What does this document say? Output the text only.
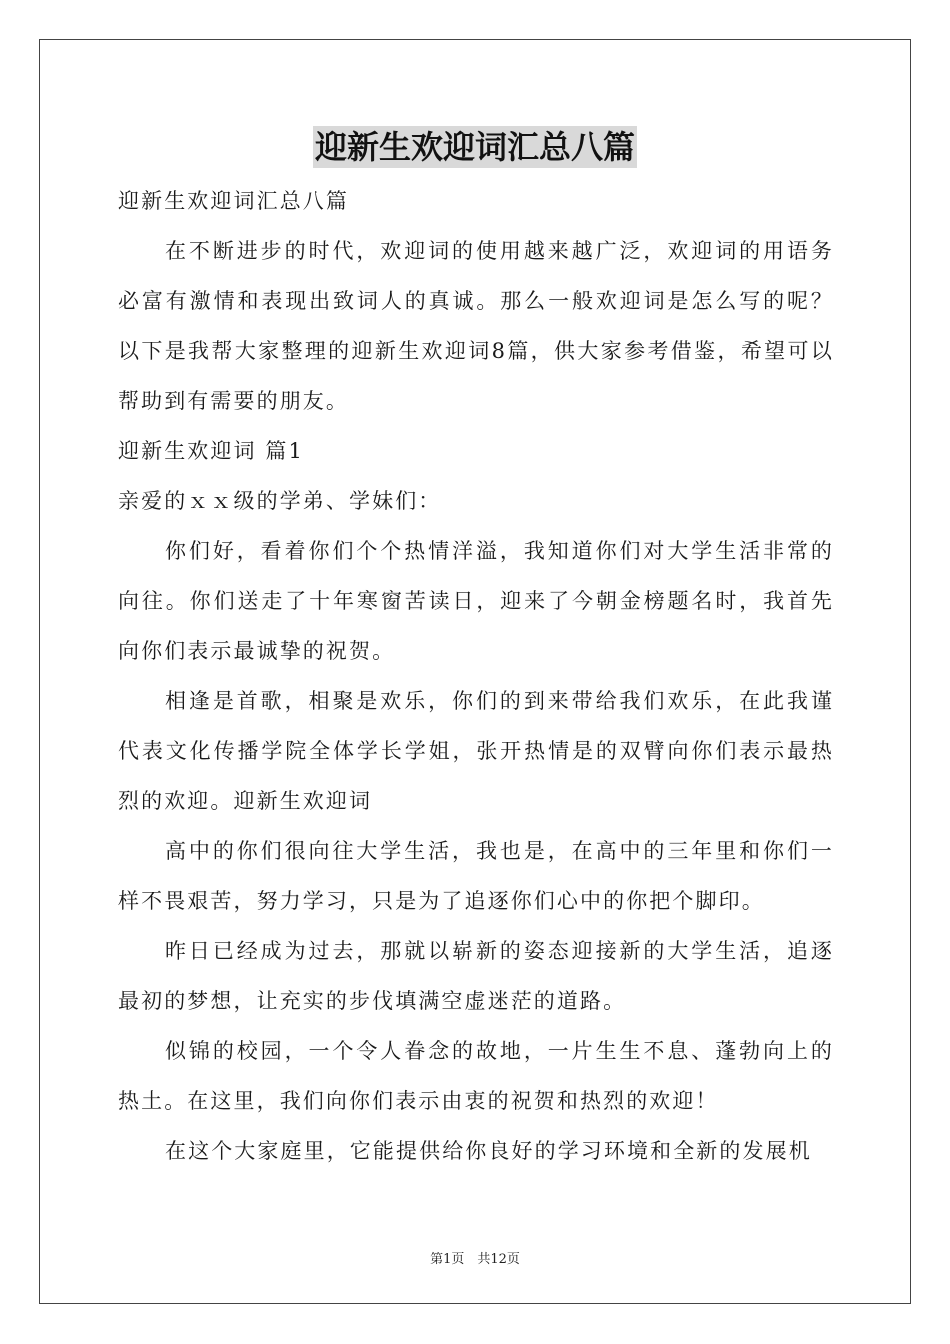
迎新生欢迎词汇总八篇

迎新生欢迎词汇总八篇

在不断进步的时代，欢迎词的使用越来越广泛，欢迎词的用语务必富有激情和表现出致词人的真诚。那么一般欢迎词是怎么写的呢？以下是我帮大家整理的迎新生欢迎词8篇，供大家参考借鉴，希望可以帮助到有需要的朋友。

迎新生欢迎词 篇1

亲爱的ｘｘ级的学弟、学妹们：

你们好，看着你们个个热情洋溢，我知道你们对大学生活非常的向往。你们送走了十年寒窗苦读日，迎来了今朝金榜题名时，我首先向你们表示最诚挚的祝贺。

相逢是首歌，相聚是欢乐，你们的到来带给我们欢乐，在此我谨代表文化传播学院全体学长学姐，张开热情是的双臂向你们表示最热烈的欢迎。迎新生欢迎词

高中的你们很向往大学生活，我也是，在高中的三年里和你们一样不畏艰苦，努力学习，只是为了追逐你们心中的你把个脚印。

昨日已经成为过去，那就以崭新的姿态迎接新的大学生活，追逐最初的梦想，让充实的步伐填满空虚迷茫的道路。

似锦的校园，一个令人眷念的故地，一片生生不息、蓬勃向上的热土。在这里，我们向你们表示由衷的祝贺和热烈的欢迎！

在这个大家庭里，它能提供给你良好的学习环境和全新的发展机

第1页　共12页
